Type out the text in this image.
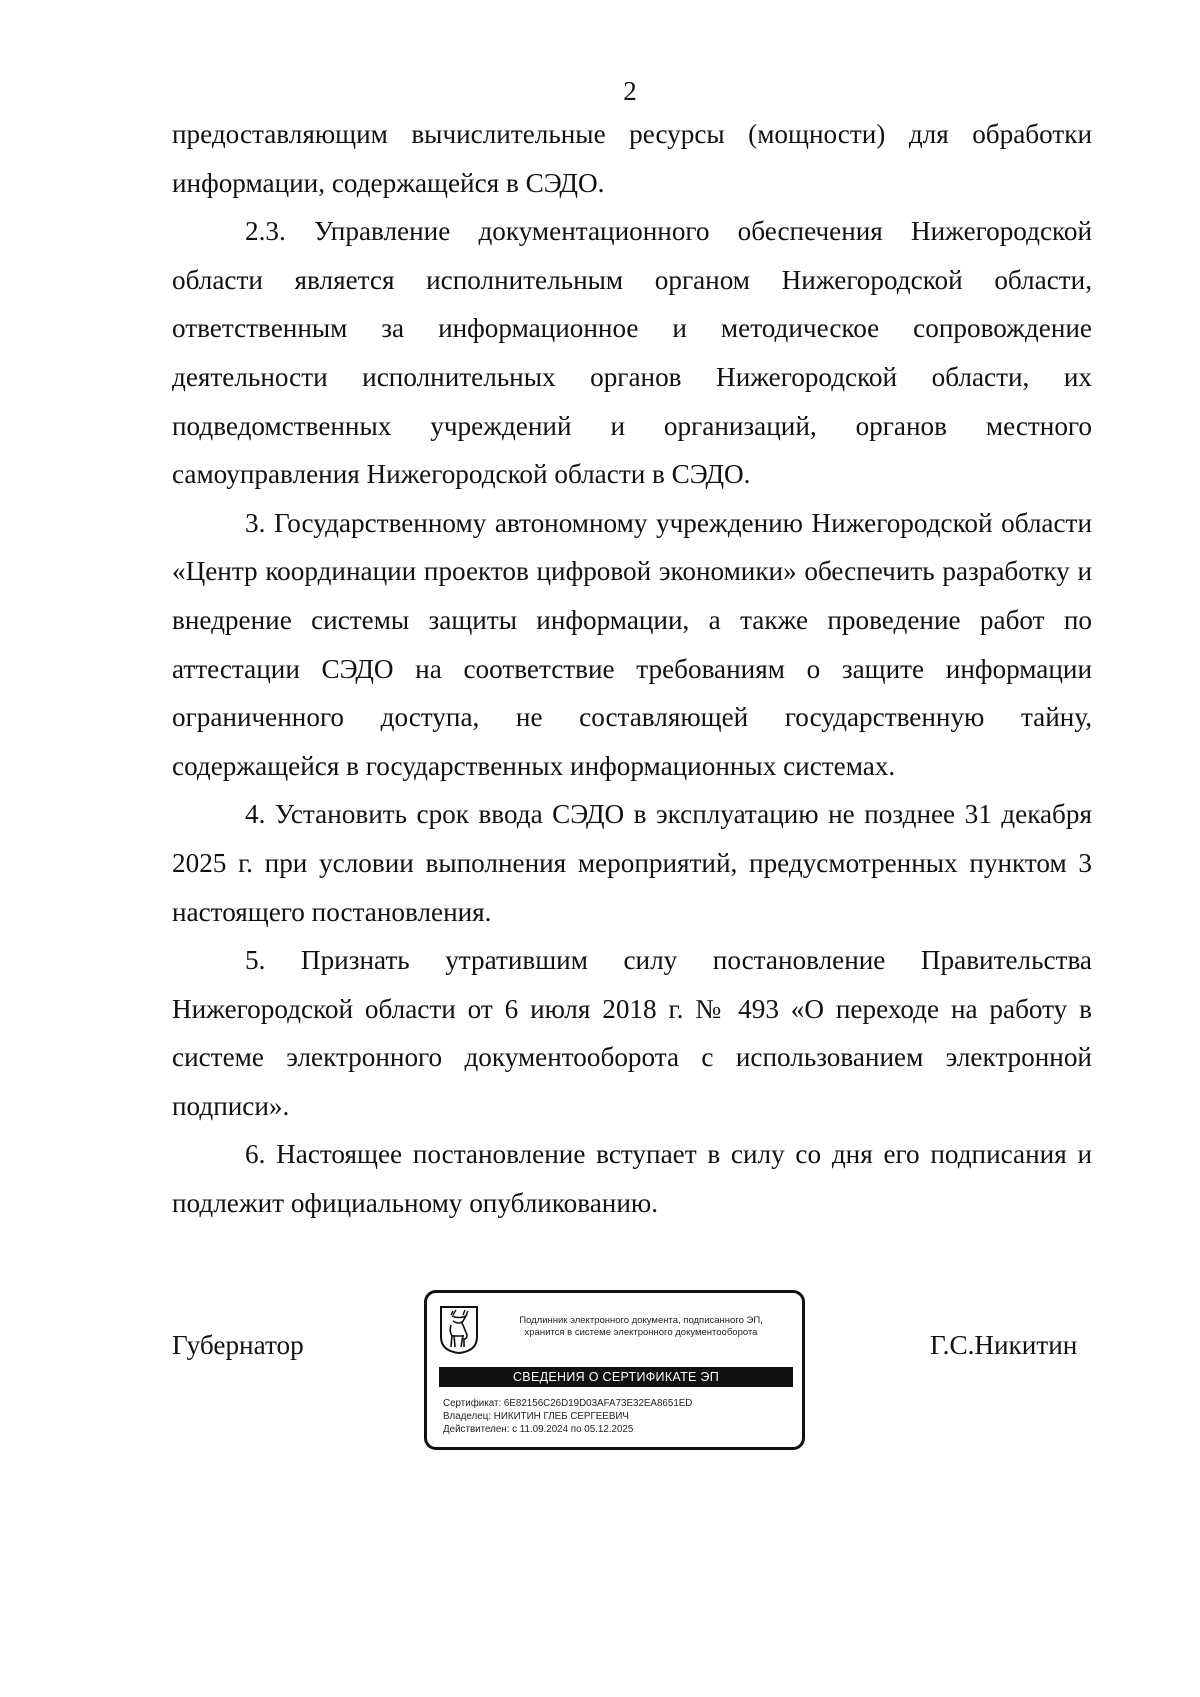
2

предоставляющим вычислительные ресурсы (мощности) для обработки информации, содержащейся в СЭДО.

2.3. Управление документационного обеспечения Нижегородской области является исполнительным органом Нижегородской области, ответственным за информационное и методическое сопровождение деятельности исполнительных органов Нижегородской области, их подведомственных учреждений и организаций, органов местного самоуправления Нижегородской области в СЭДО.

3. Государственному автономному учреждению Нижегородской области «Центр координации проектов цифровой экономики» обеспечить разработку и внедрение системы защиты информации, а также проведение работ по аттестации СЭДО на соответствие требованиям о защите информации ограниченного доступа, не составляющей государственную тайну, содержащейся в государственных информационных системах.

4. Установить срок ввода СЭДО в эксплуатацию не позднее 31 декабря 2025 г. при условии выполнения мероприятий, предусмотренных пунктом 3 настоящего постановления.

5. Признать утратившим силу постановление Правительства Нижегородской области от 6 июля 2018 г. № 493 «О переходе на работу в системе электронного документооборота с использованием электронной подписи».

6. Настоящее постановление вступает в силу со дня его подписания и подлежит официальному опубликованию.

Губернатор
Подлинник электронного документа, подписанного ЭП,
хранится в системе электронного документооборота
СВЕДЕНИЯ О СЕРТИФИКАТЕ ЭП
Сертификат: 6E82156C26D19D03AFA73E32EA8651ED
Владелец: НИКИТИН ГЛЕБ СЕРГЕЕВИЧ
Действителен: с 11.09.2024 по 05.12.2025
Г.С.Никитин
